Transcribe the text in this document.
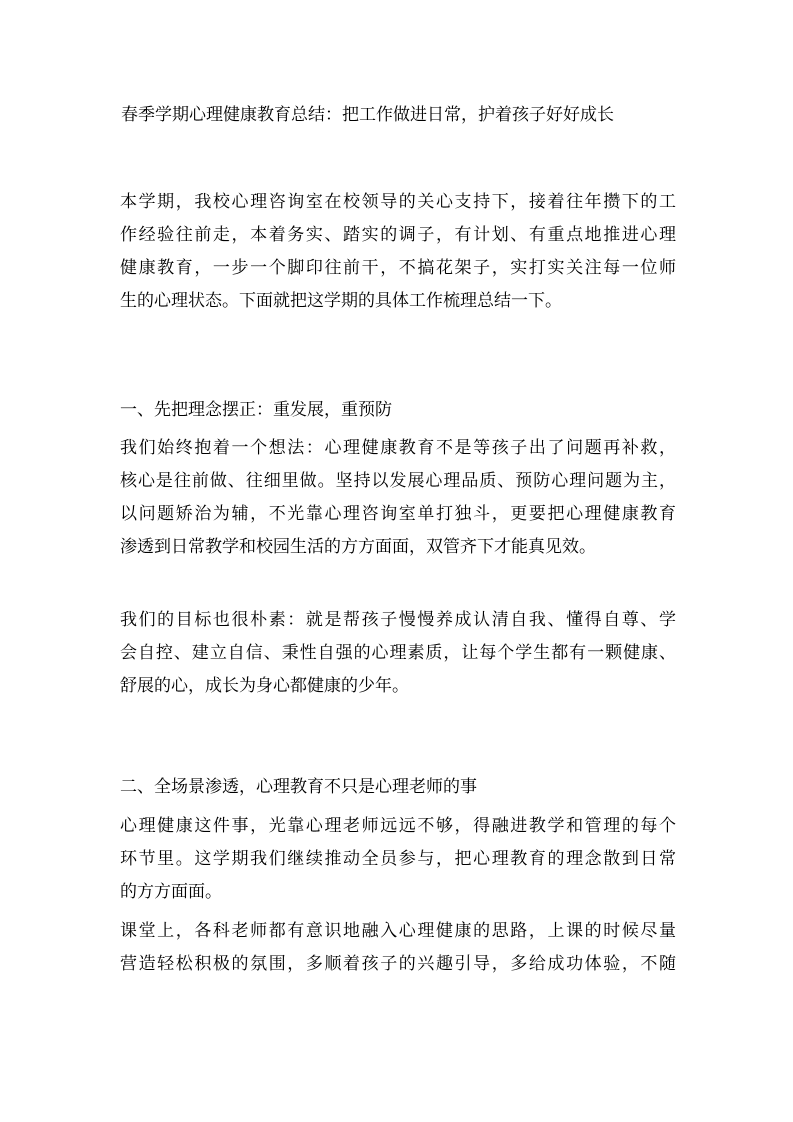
春季学期心理健康教育总结：把工作做进日常，护着孩子好好成长
本学期，我校心理咨询室在校领导的关心支持下，接着往年攒下的工
作经验往前走，本着务实、踏实的调子，有计划、有重点地推进心理
健康教育，一步一个脚印往前干，不搞花架子，实打实关注每一位师
生的心理状态。下面就把这学期的具体工作梳理总结一下。
一、先把理念摆正：重发展，重预防
我们始终抱着一个想法：心理健康教育不是等孩子出了问题再补救，
核心是往前做、往细里做。坚持以发展心理品质、预防心理问题为主，
以问题矫治为辅，不光靠心理咨询室单打独斗，更要把心理健康教育
渗透到日常教学和校园生活的方方面面，双管齐下才能真见效。
我们的目标也很朴素：就是帮孩子慢慢养成认清自我、懂得自尊、学
会自控、建立自信、秉性自强的心理素质，让每个学生都有一颗健康、
舒展的心，成长为身心都健康的少年。
二、全场景渗透，心理教育不只是心理老师的事
心理健康这件事，光靠心理老师远远不够，得融进教学和管理的每个
环节里。这学期我们继续推动全员参与，把心理教育的理念散到日常
的方方面面。
课堂上，各科老师都有意识地融入心理健康的思路，上课的时候尽量
营造轻松积极的氛围，多顺着孩子的兴趣引导，多给成功体验，不随
